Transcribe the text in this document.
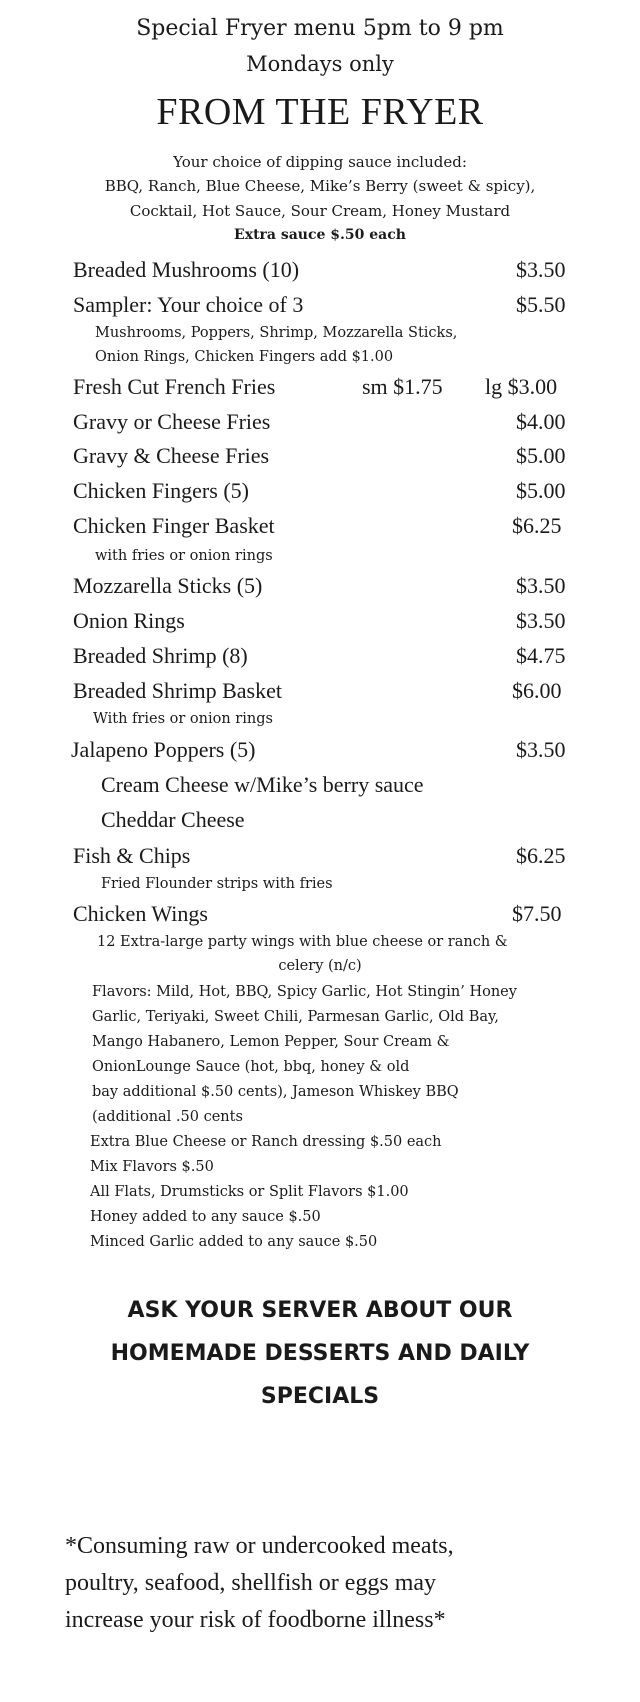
Special Fryer menu 5pm to 9 pm
Mondays only
FROM THE FRYER
Your choice of dipping sauce included:
BBQ, Ranch, Blue Cheese, Mike’s Berry (sweet & spicy),
Cocktail, Hot Sauce, Sour Cream, Honey Mustard
Extra sauce $.50 each
Breaded Mushrooms (10)	$3.50
Sampler: Your choice of 3	$5.50
Mushrooms, Poppers, Shrimp, Mozzarella Sticks,
Onion Rings, Chicken Fingers add $1.00
Fresh Cut French Fries	sm $1.75 lg $3.00
Gravy or Cheese Fries	$4.00
Gravy & Cheese Fries	$5.00
Chicken Fingers (5)	$5.00
Chicken Finger Basket	$6.25
with fries or onion rings
Mozzarella Sticks (5)	$3.50
Onion Rings	$3.50
Breaded Shrimp (8)	$4.75
Breaded Shrimp Basket	$6.00
With fries or onion rings
Jalapeno Poppers (5)	$3.50
Cream Cheese w/Mike’s berry sauce
Cheddar Cheese
Fish & Chips	$6.25
Fried Flounder strips with fries
Chicken Wings	$7.50
12 Extra-large party wings with blue cheese or ranch &
celery (n/c)
Flavors: Mild, Hot, BBQ, Spicy Garlic, Hot Stingin’ Honey
Garlic, Teriyaki, Sweet Chili, Parmesan Garlic, Old Bay,
Mango Habanero, Lemon Pepper, Sour Cream &
OnionLounge Sauce (hot, bbq, honey & old
bay additional $.50 cents), Jameson Whiskey BBQ
(additional .50 cents
Extra Blue Cheese or Ranch dressing $.50 each
Mix Flavors $.50
All Flats, Drumsticks or Split Flavors $1.00
Honey added to any sauce $.50
Minced Garlic added to any sauce $.50
ASK YOUR SERVER ABOUT OUR
HOMEMADE DESSERTS AND DAILY
SPECIALS
*Consuming raw or undercooked meats,
poultry, seafood, shellfish or eggs may
increase your risk of foodborne illness*
